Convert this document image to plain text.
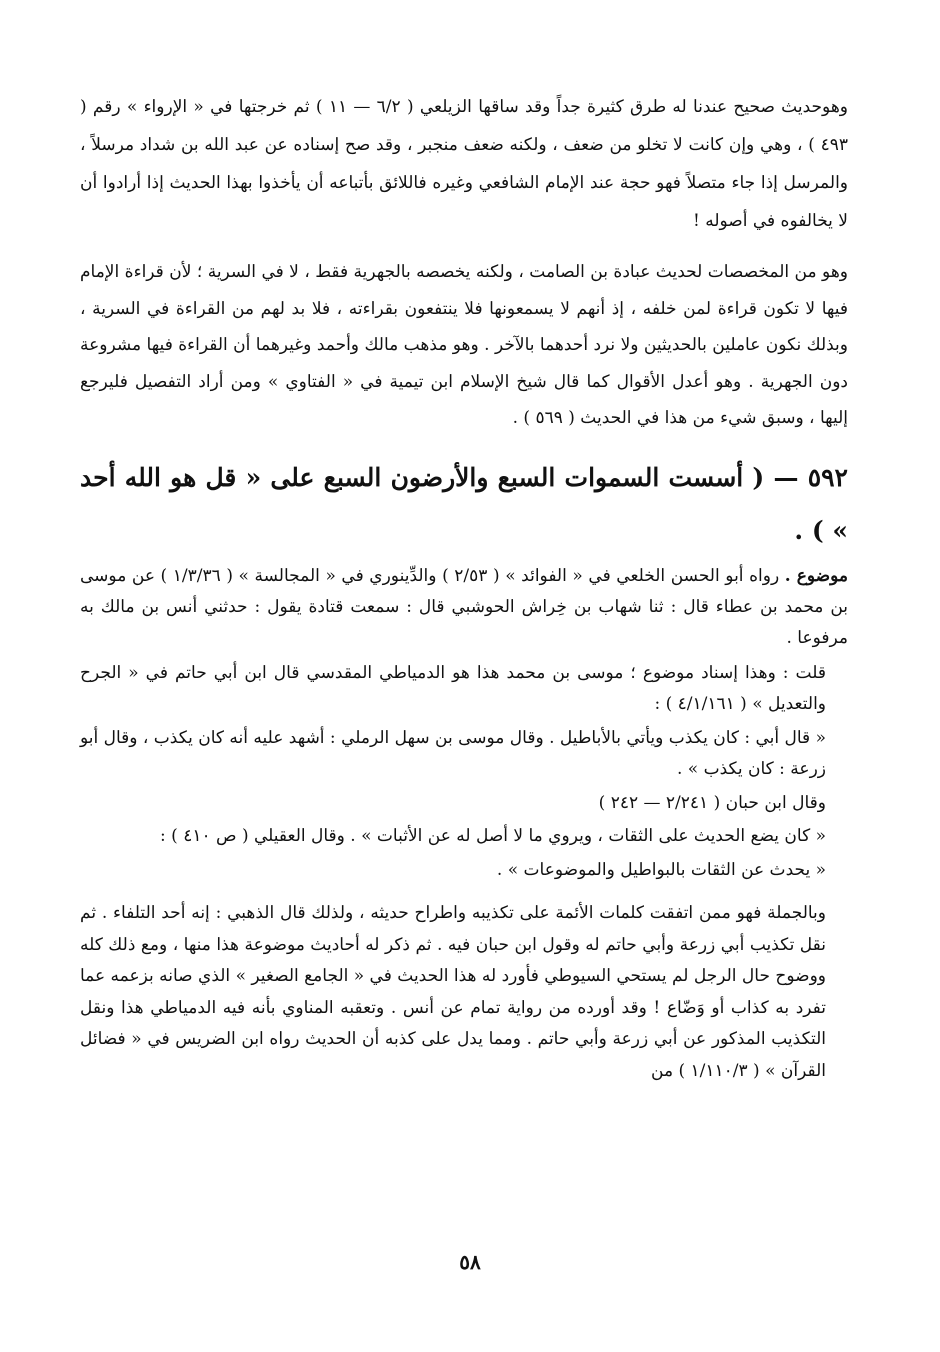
وهوحديث صحيح عندنا له طرق كثيرة جداً وقد ساقها الزيلعي ( ٦/٢ — ١١ ) ثم خرجتها في « الإرواء » رقم ( ٤٩٣ ) ، وهي وإن كانت لا تخلو من ضعف ، ولكنه ضعف منجبر ، وقد صح إسناده عن عبد الله بن شداد مرسلاً ، والمرسل إذا جاء متصلاً فهو حجة عند الإمام الشافعي وغيره فاللائق بأتباعه أن يأخذوا بهذا الحديث إذا أرادوا أن لا يخالفوه في أصوله !

وهو من المخصصات لحديث عبادة بن الصامت ، ولكنه يخصصه بالجهرية فقط ، لا في السرية ؛ لأن قراءة الإمام فيها لا تكون قراءة لمن خلفه ، إذ أنهم لا يسمعونها فلا ينتفعون بقراءته ، فلا بد لهم من القراءة في السرية ، وبذلك نكون عاملين بالحديثين ولا نرد أحدهما بالآخر . وهو مذهب مالك وأحمد وغيرهما أن القراءة فيها مشروعة دون الجهرية . وهو أعدل الأقوال كما قال شيخ الإسلام ابن تيمية في « الفتاوي » ومن أراد التفصيل فليرجع إليها ، وسبق شيء من هذا في الحديث ( ٥٦٩ ) .

٥٩٢ — ( أسست السموات السبع والأرضون السبع على « قل هو الله أحد » ) .
موضوع . رواه أبو الحسن الخلعي في « الفوائد » ( ٢/٥٣ ) والدِّينوري في « المجالسة » ( ١/٣/٣٦ ) عن موسى بن محمد بن عطاء قال : ثنا شهاب بن خِراش الحوشبي قال : سمعت قتادة يقول : حدثني أنس بن مالك به مرفوعا .
قلت : وهذا إسناد موضوع ؛ موسى بن محمد هذا هو الدمياطي المقدسي قال ابن أبي حاتم في « الجرح والتعديل » ( ٤/١/١٦١ ) :
« قال أبي : كان يكذب ويأتي بالأباطيل . وقال موسى بن سهل الرملي : أشهد عليه أنه كان يكذب ، وقال أبو زرعة : كان يكذب » .
وقال ابن حبان ( ٢/٢٤١ — ٢٤٢ )
« كان يضع الحديث على الثقات ، ويروي ما لا أصل له عن الأثبات » . وقال العقيلي ( ص ٤١٠ ) :
« يحدث عن الثقات بالبواطيل والموضوعات » .

وبالجملة فهو ممن اتفقت كلمات الأئمة على تكذيبه واطراح حديثه ، ولذلك قال الذهبي : إنه أحد التلفاء . ثم نقل تكذيب أبي زرعة وأبي حاتم له وقول ابن حبان فيه . ثم ذكر له أحاديث موضوعة هذا منها ، ومع ذلك كله ووضوح حال الرجل لم يستحي السيوطي فأورد له هذا الحديث في « الجامع الصغير » الذي صانه بزعمه عما تفرد به كذاب أو وَضّاع ! وقد أورده من رواية تمام عن أنس . وتعقبه المناوي بأنه فيه الدمياطي هذا ونقل التكذيب المذكور عن أبي زرعة وأبي حاتم . ومما يدل على كذبه أن الحديث رواه ابن الضريس في « فضائل القرآن » ( ١/١١٠/٣ ) من

٥٨
